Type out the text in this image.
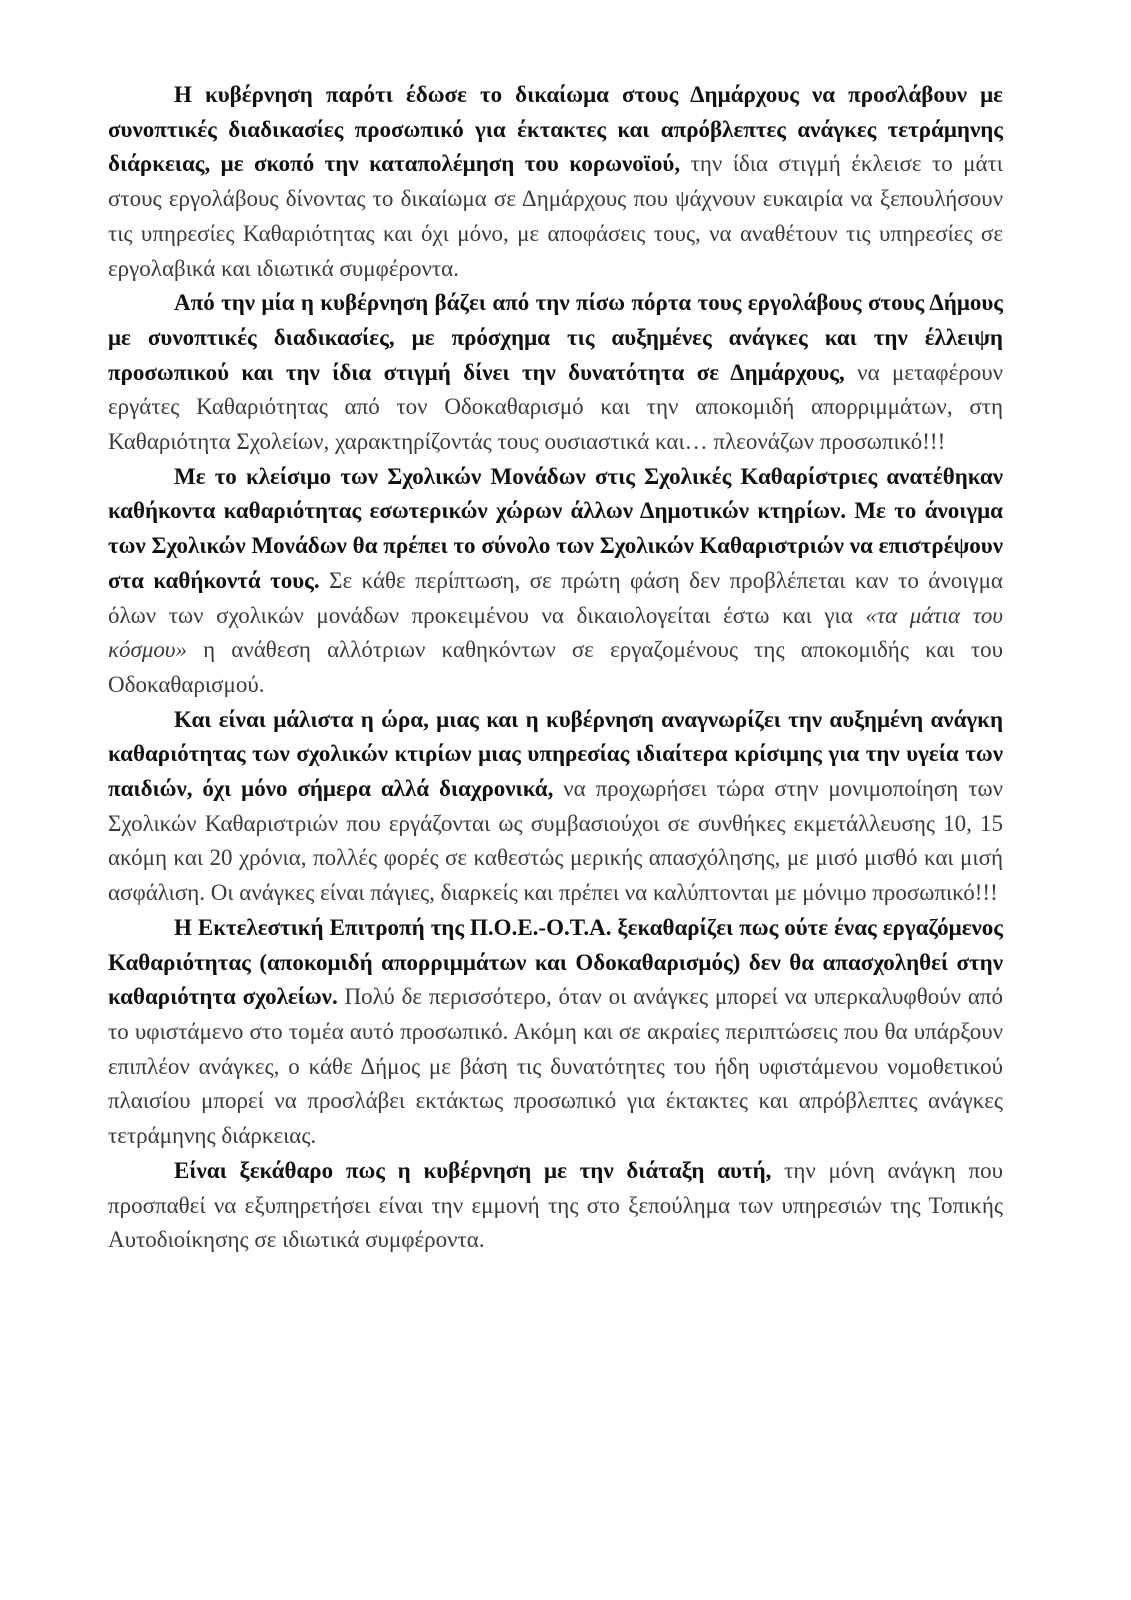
Η κυβέρνηση παρότι έδωσε το δικαίωμα στους Δημάρχους να προσλάβουν με συνοπτικές διαδικασίες προσωπικό για έκτακτες και απρόβλεπτες ανάγκες τετράμηνης διάρκειας, με σκοπό την καταπολέμηση του κορωνοϊού, την ίδια στιγμή έκλεισε το μάτι στους εργολάβους δίνοντας το δικαίωμα σε Δημάρχους που ψάχνουν ευκαιρία να ξεπουλήσουν τις υπηρεσίες Καθαριότητας και όχι μόνο, με αποφάσεις τους, να αναθέτουν τις υπηρεσίες σε εργολαβικά και ιδιωτικά συμφέροντα.

Από την μία η κυβέρνηση βάζει από την πίσω πόρτα τους εργολάβους στους Δήμους με συνοπτικές διαδικασίες, με πρόσχημα τις αυξημένες ανάγκες και την έλλειψη προσωπικού και την ίδια στιγμή δίνει την δυνατότητα σε Δημάρχους, να μεταφέρουν εργάτες Καθαριότητας από τον Οδοκαθαρισμό και την αποκομιδή απορριμμάτων, στη Καθαριότητα Σχολείων, χαρακτηρίζοντάς τους ουσιαστικά και… πλεονάζων προσωπικό!!!

Με το κλείσιμο των Σχολικών Μονάδων στις Σχολικές Καθαρίστριες ανατέθηκαν καθήκοντα καθαριότητας εσωτερικών χώρων άλλων Δημοτικών κτηρίων. Με το άνοιγμα των Σχολικών Μονάδων θα πρέπει το σύνολο των Σχολικών Καθαριστριών να επιστρέψουν στα καθήκοντά τους. Σε κάθε περίπτωση, σε πρώτη φάση δεν προβλέπεται καν το άνοιγμα όλων των σχολικών μονάδων προκειμένου να δικαιολογείται έστω και για «τα μάτια του κόσμου» η ανάθεση αλλότριων καθηκόντων σε εργαζομένους της αποκομιδής και του Οδοκαθαρισμού.

Και είναι μάλιστα η ώρα, μιας και η κυβέρνηση αναγνωρίζει την αυξημένη ανάγκη καθαριότητας των σχολικών κτιρίων μιας υπηρεσίας ιδιαίτερα κρίσιμης για την υγεία των παιδιών, όχι μόνο σήμερα αλλά διαχρονικά, να προχωρήσει τώρα στην μονιμοποίηση των Σχολικών Καθαριστριών που εργάζονται ως συμβασιούχοι σε συνθήκες εκμετάλλευσης 10, 15 ακόμη και 20 χρόνια, πολλές φορές σε καθεστώς μερικής απασχόλησης, με μισό μισθό και μισή ασφάλιση. Οι ανάγκες είναι πάγιες, διαρκείς και πρέπει να καλύπτονται με μόνιμο προσωπικό!!!

Η Εκτελεστική Επιτροπή της Π.Ο.Ε.-Ο.Τ.Α. ξεκαθαρίζει πως ούτε ένας εργαζόμενος Καθαριότητας (αποκομιδή απορριμμάτων και Οδοκαθαρισμός) δεν θα απασχοληθεί στην καθαριότητα σχολείων. Πολύ δε περισσότερο, όταν οι ανάγκες μπορεί να υπερκαλυφθούν από το υφιστάμενο στο τομέα αυτό προσωπικό. Ακόμη και σε ακραίες περιπτώσεις που θα υπάρξουν επιπλέον ανάγκες, ο κάθε Δήμος με βάση τις δυνατότητες του ήδη υφιστάμενου νομοθετικού πλαισίου μπορεί να προσλάβει εκτάκτως προσωπικό για έκτακτες και απρόβλεπτες ανάγκες τετράμηνης διάρκειας.

Είναι ξεκάθαρο πως η κυβέρνηση με την διάταξη αυτή, την μόνη ανάγκη που προσπαθεί να εξυπηρετήσει είναι την εμμονή της στο ξεπούλημα των υπηρεσιών της Τοπικής Αυτοδιοίκησης σε ιδιωτικά συμφέροντα.
